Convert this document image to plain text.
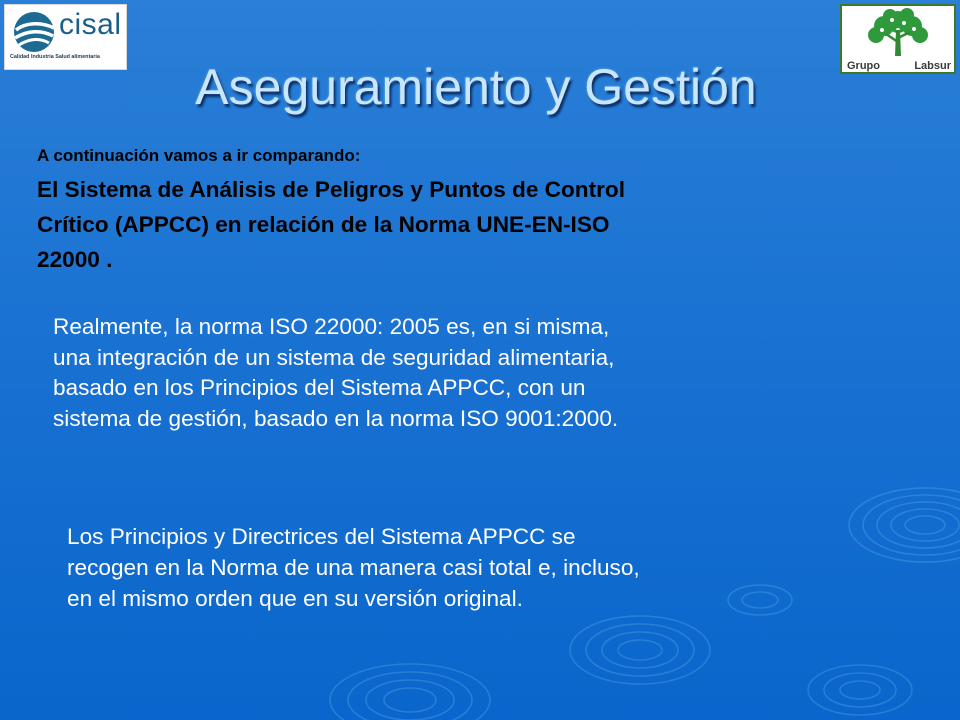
cisal
Calidad Industria Salud alimentaria
Grupo	Labsur
Aseguramiento y Gestión
A continuación vamos a ir comparando:
El Sistema de Análisis de Peligros y Puntos de Control
Crítico (APPCC) en relación de la Norma UNE-EN-ISO
22000 .
Realmente, la norma ISO 22000: 2005 es, en si misma,
una integración de un sistema de seguridad alimentaria,
basado en los Principios del Sistema APPCC, con un
sistema de gestión, basado en la norma ISO 9001:2000.
Los Principios y Directrices del Sistema APPCC se
recogen en la Norma de una manera casi total e, incluso,
en el mismo orden que en su versión original.
